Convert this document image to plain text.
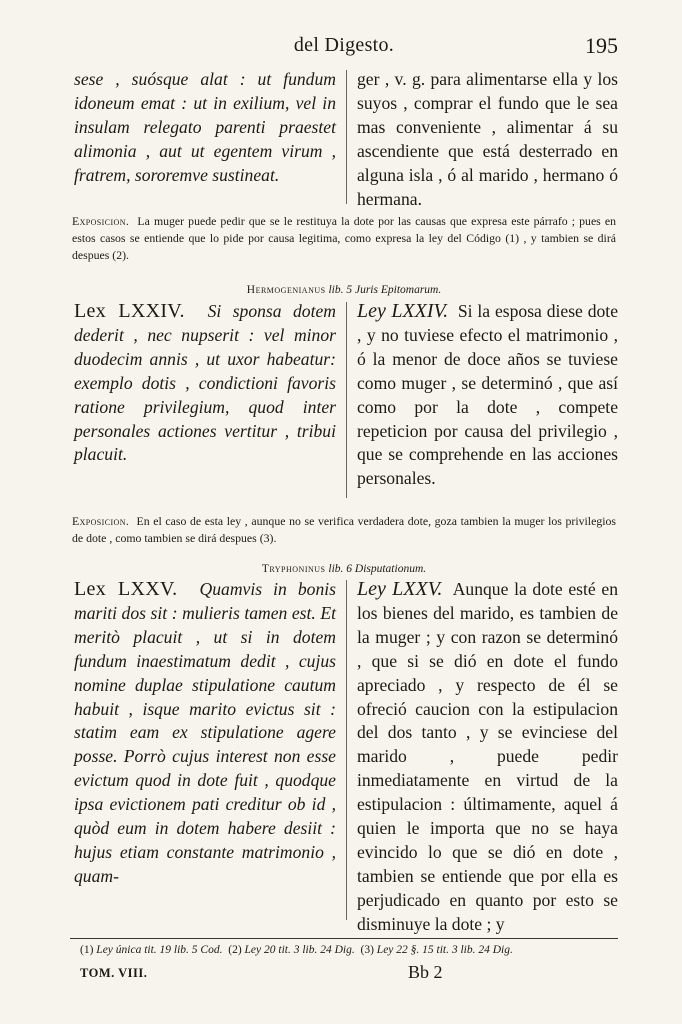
del Digesto.	195

sese , suósque alat : ut fundum idoneum emat : ut in exilium, vel in insulam relegato parenti praestet alimonia , aut ut egentem virum , fratrem, sororemve sustineat.

ger , v. g. para alimentarse ella y los suyos , comprar el fundo que le sea mas conveniente , alimentar á su ascendiente que está desterrado en alguna isla , ó al marido , hermano ó hermana.

Exposicion. La muger puede pedir que se le restituya la dote por las causas que expresa este párrafo ; pues en estos casos se entiende que lo pide por causa legitima, como expresa la ley del Código (1) , y tambien se dirá despues (2).
Hermogenianus lib. 5 Juris Epitomarum.

Lex LXXIV. Si sponsa dotem dederit , nec nupserit : vel minor duodecim annis , ut uxor habeatur: exemplo dotis , condictioni favoris ratione privilegium, quod inter personales actiones vertitur , tribui placuit.

Ley LXXIV. Si la esposa diese dote , y no tuviese efecto el matrimonio , ó la menor de doce años se tuviese como muger , se determinó , que así como por la dote , compete repeticion por causa del privilegio , que se comprehende en las acciones personales.

Exposicion. En el caso de esta ley , aunque no se verifica verdadera dote, goza tambien la muger los privilegios de dote , como tambien se dirá despues (3).
Tryphoninus lib. 6 Disputationum.

Lex LXXV. Quamvis in bonis mariti dos sit : mulieris tamen est. Et meritò placuit , ut si in dotem fundum inaestimatum dedit , cujus nomine duplae stipulatione cautum habuit , isque marito evictus sit : statim eam ex stipulatione agere posse. Porrò cujus interest non esse evictum quod in dote fuit , quodque ipsa evictionem pati creditur ob id , quòd eum in dotem habere desiit : hujus etiam constante matrimonio , quam-

Ley LXXV. Aunque la dote esté en los bienes del marido, es tambien de la muger ; y con razon se determinó , que si se dió en dote el fundo apreciado , y respecto de él se ofreció caucion con la estipulacion del dos tanto , y se evinciese del marido , puede pedir inmediatamente en virtud de la estipulacion : últimamente, aquel á quien le importa que no se haya evincido lo que se dió en dote , tambien se entiende que por ella es perjudicado en quanto por esto se disminuye la dote ; y

(1) Ley única tit. 19 lib. 5 Cod. (2) Ley 20 tit. 3 lib. 24 Dig. (3) Ley 22 §. 15 tit. 3 lib. 24 Dig.
TOM. VIII.	Bb 2
